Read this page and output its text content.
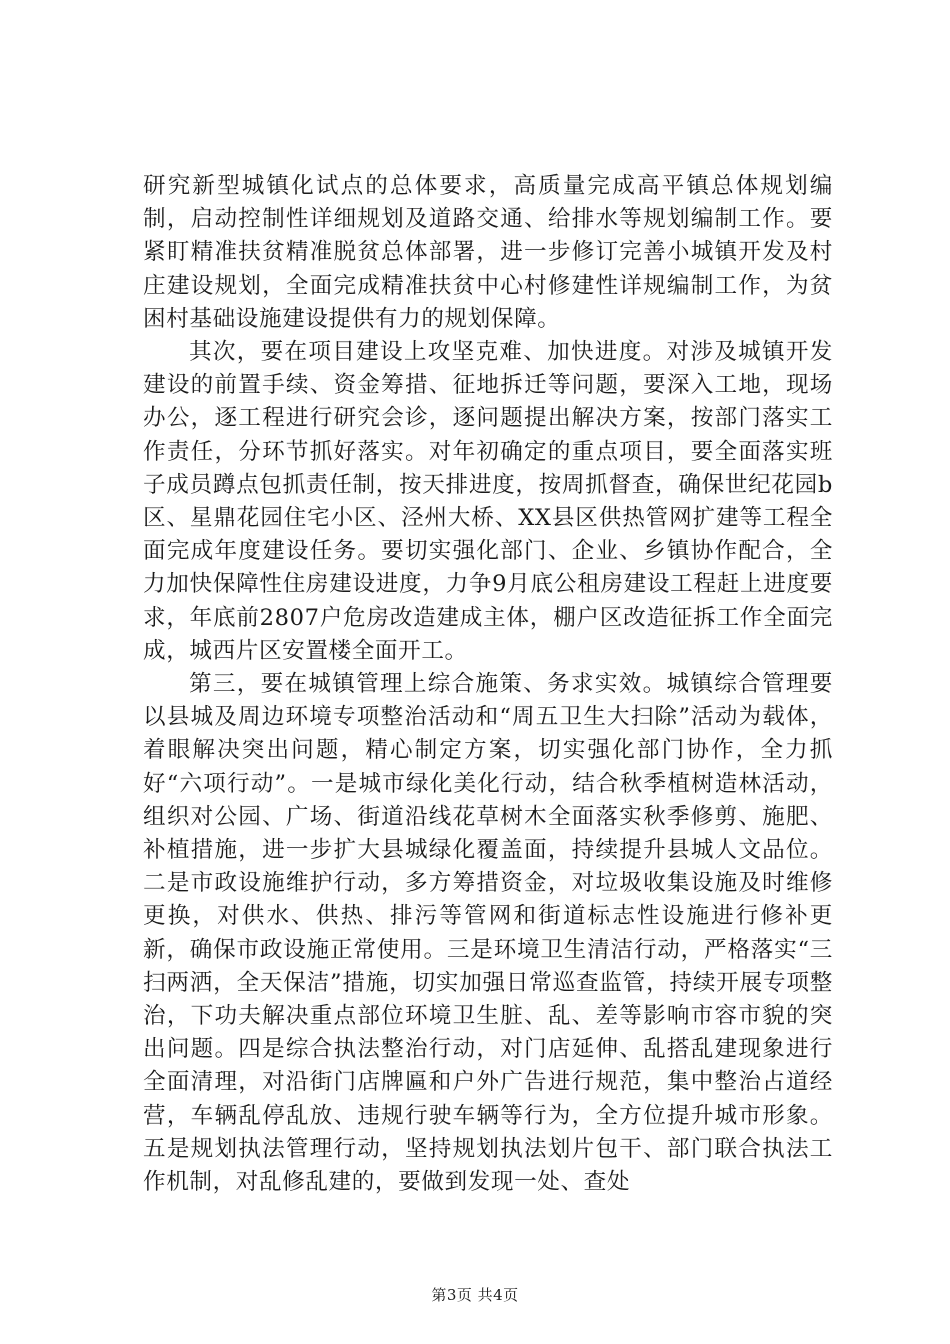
研究新型城镇化试点的总体要求，高质量完成高平镇总体规划编制，启动控制性详细规划及道路交通、给排水等规划编制工作。要紧盯精准扶贫精准脱贫总体部署，进一步修订完善小城镇开发及村庄建设规划，全面完成精准扶贫中心村修建性详规编制工作，为贫困村基础设施建设提供有力的规划保障。

其次，要在项目建设上攻坚克难、加快进度。对涉及城镇开发建设的前置手续、资金筹措、征地拆迁等问题，要深入工地，现场办公，逐工程进行研究会诊，逐问题提出解决方案，按部门落实工作责任，分环节抓好落实。对年初确定的重点项目，要全面落实班子成员蹲点包抓责任制，按天排进度，按周抓督查，确保世纪花园b区、星鼎花园住宅小区、泾州大桥、XX县区供热管网扩建等工程全面完成年度建设任务。要切实强化部门、企业、乡镇协作配合，全力加快保障性住房建设进度，力争9月底公租房建设工程赶上进度要求，年底前2807户危房改造建成主体，棚户区改造征拆工作全面完成，城西片区安置楼全面开工。

第三，要在城镇管理上综合施策、务求实效。城镇综合管理要以县城及周边环境专项整治活动和“周五卫生大扫除”活动为载体，着眼解决突出问题，精心制定方案，切实强化部门协作，全力抓好“六项行动”。一是城市绿化美化行动，结合秋季植树造林活动，组织对公园、广场、街道沿线花草树木全面落实秋季修剪、施肥、补植措施，进一步扩大县城绿化覆盖面，持续提升县城人文品位。二是市政设施维护行动，多方筹措资金，对垃圾收集设施及时维修更换，对供水、供热、排污等管网和街道标志性设施进行修补更新，确保市政设施正常使用。三是环境卫生清洁行动，严格落实“三扫两洒，全天保洁”措施，切实加强日常巡查监管，持续开展专项整治，下功夫解决重点部位环境卫生脏、乱、差等影响市容市貌的突出问题。四是综合执法整治行动，对门店延伸、乱搭乱建现象进行全面清理，对沿街门店牌匾和户外广告进行规范，集中整治占道经营，车辆乱停乱放、违规行驶车辆等行为，全方位提升城市形象。五是规划执法管理行动，坚持规划执法划片包干、部门联合执法工作机制，对乱修乱建的，要做到发现一处、查处

第3页 共4页
